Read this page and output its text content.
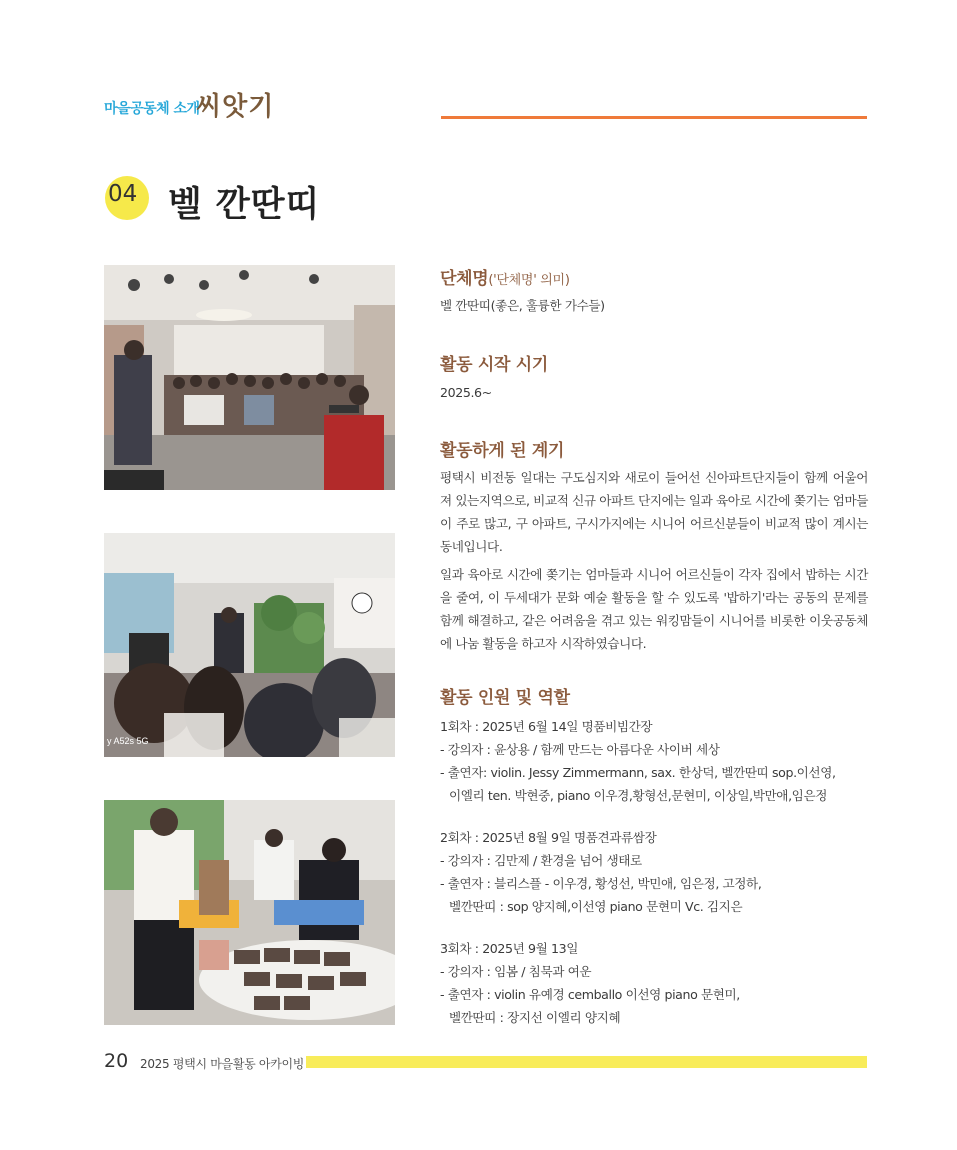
마을공동체 소개
씨앗기
04 벨 깐딴띠
y A52s 5G

단체명('단체명' 의미)

벨 깐딴띠(좋은, 훌륭한 가수들)

활동 시작 시기

2025.6~

활동하게 된 계기

평택시 비전동 일대는 구도심지와 새로이 들어선 신아파트단지들이 함께 어울어져 있는지역으로, 비교적 신규 아파트 단지에는 일과 육아로 시간에 쫒기는 엄마들이 주로 많고, 구 아파트, 구시가지에는 시니어 어르신분들이 비교적 많이 계시는 동네입니다.

일과 육아로 시간에 쫒기는 엄마들과 시니어 어르신들이 각자 집에서 밥하는 시간을 줄여, 이 두세대가 문화 예술 활동을 할 수 있도록 '밥하기'라는 공동의 문제를 함께 해결하고, 같은 어려움을 겪고 있는 워킹맘들이 시니어를 비롯한 이웃공동체에 나눔 활동을 하고자 시작하였습니다.

활동 인원 및 역할

1회차 : 2025년 6월 14일 명품비빔간장
- 강의자 : 윤상용 / 함께 만드는 아름다운 사이버 세상
- 출연자: violin. Jessy Zimmermann, sax. 한상덕, 벨깐딴띠 sop.이선영,
이엘리 ten. 박현중, piano 이우경,황형선,문현미, 이상일,박만애,임은정
2회차 : 2025년 8월 9일 명품견과류쌈장
- 강의자 : 김만제 / 환경을 넘어 생태로
- 출연자 : 블리스플 - 이우경, 황성선, 박민애, 임은정, 고정하,
벨깐딴띠 : sop 양지혜,이선영 piano 문현미 Vc. 김지은
3회차 : 2025년 9월 13일
- 강의자 : 임봄 / 침묵과 여운
- 출연자 : violin 유예경 cemballo 이선영 piano 문현미,
벨깐딴띠 : 장지선 이엘리 양지혜
20 2025 평택시 마을활동 아카이빙
